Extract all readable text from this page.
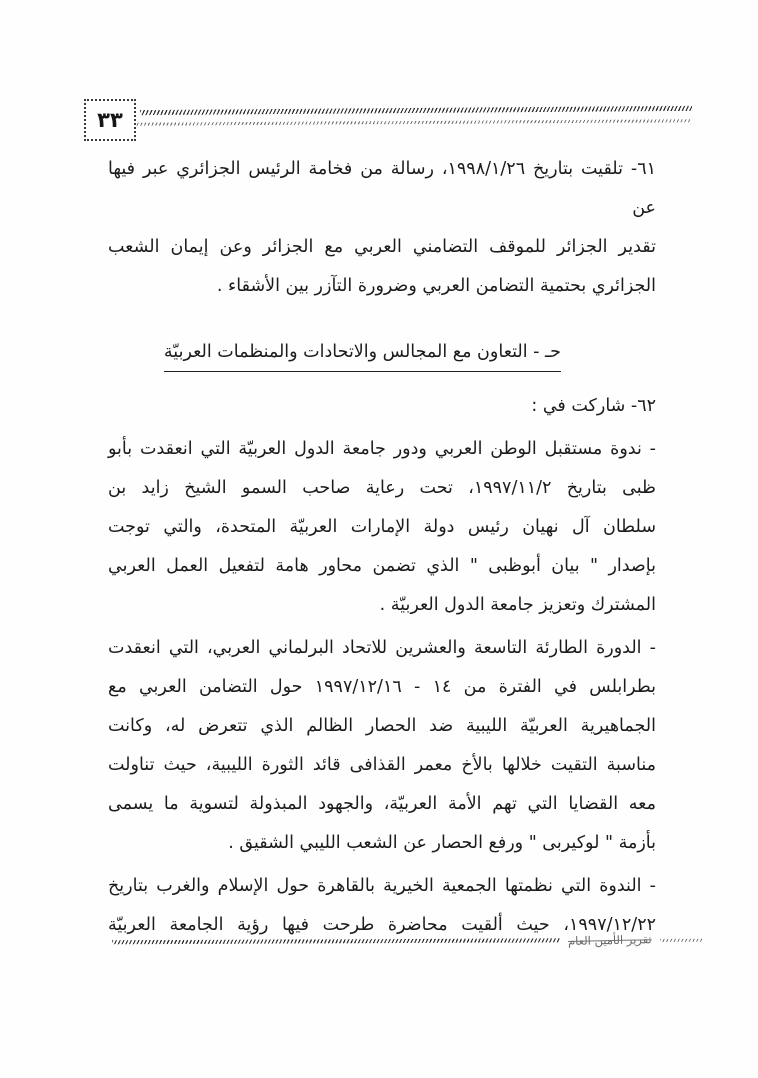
٣٣
٦١- تلقيت بتاريخ ١٩٩٨/١/٢٦، رسالة من فخامة الرئيس الجزائري عبر فيها عن
تقدير الجزائر للموقف التضامني العربي مع الجزائر وعن إيمان الشعب
الجزائري بحتمية التضامن العربي وضرورة التآزر بين الأشقاء .
حـ - التعاون مع المجالس والاتحادات والمنظمات العربيّة
٦٢- شاركت في :
- ندوة مستقبل الوطن العربي ودور جامعة الدول العربيّة التي انعقدت بأبو
ظبى بتاريخ ١٩٩٧/١١/٢، تحت رعاية صاحب السمو الشيخ زايد بن
سلطان آل نهيان رئيس دولة الإمارات العربيّة المتحدة، والتي توجت
بإصدار " بيان أبوظبى " الذي تضمن محاور هامة لتفعيل العمل العربي
المشترك وتعزيز جامعة الدول العربيّة .
- الدورة الطارئة التاسعة والعشرين للاتحاد البرلماني العربي، التي انعقدت
بطرابلس في الفترة من ١٤ - ١٩٩٧/١٢/١٦ حول التضامن العربي مع
الجماهيرية العربيّة الليبية ضد الحصار الظالم الذي تتعرض له، وكانت
مناسبة التقيت خلالها بالأخ معمر القذافى قائد الثورة الليبية، حيث تناولت
معه القضايا التي تهم الأمة العربيّة، والجهود المبذولة لتسوية ما يسمى
بأزمة " لوكيربى " ورفع الحصار عن الشعب الليبي الشقيق .
- الندوة التي نظمتها الجمعية الخيرية بالقاهرة حول الإسلام والغرب بتاريخ
١٩٩٧/١٢/٢٢، حيث ألقيت محاضرة طرحت فيها رؤية الجامعة العربيّة
تقرير الأمين العام
